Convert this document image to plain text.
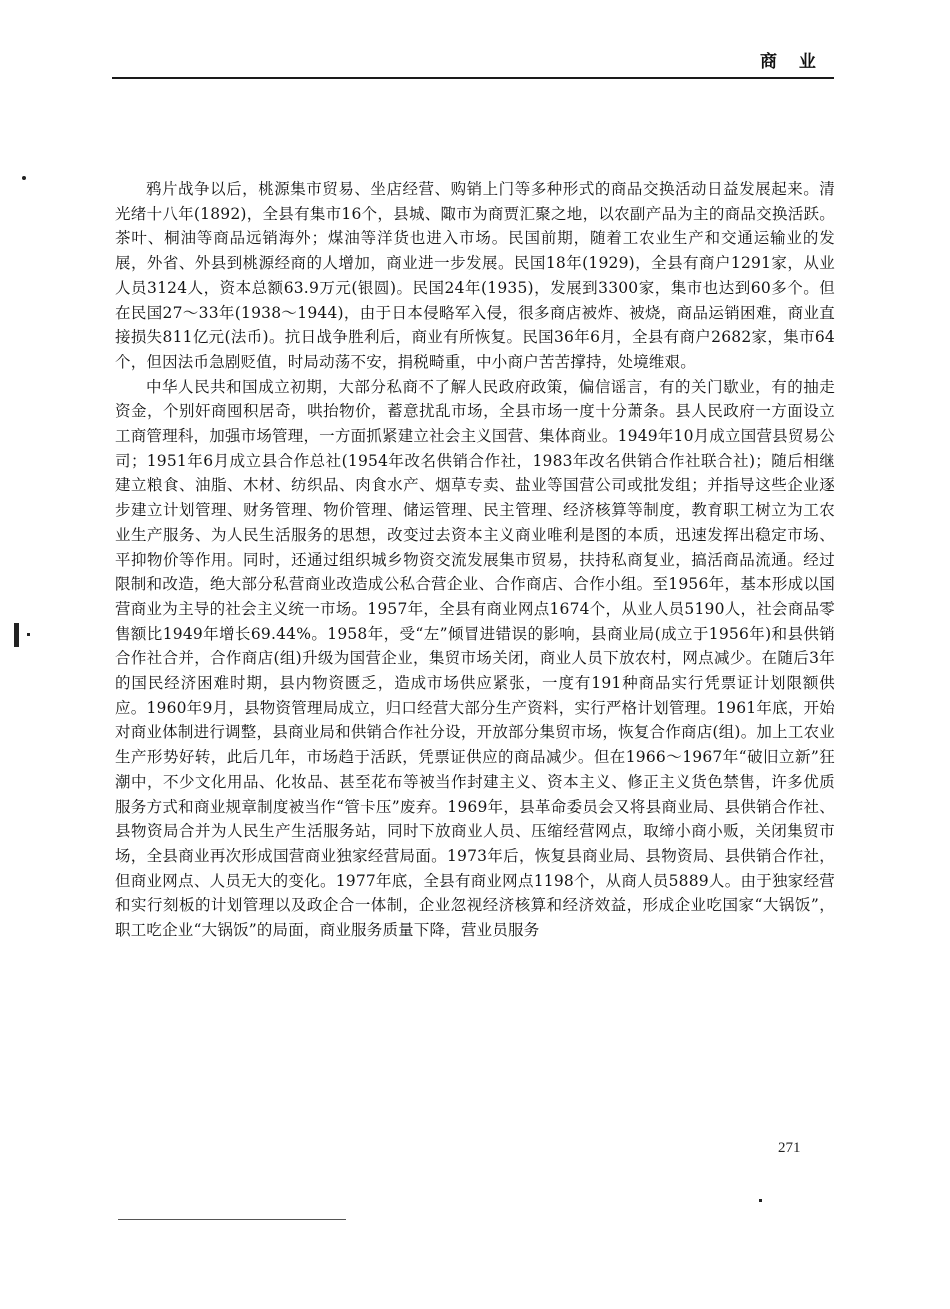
商 业

鸦片战争以后，桃源集市贸易、坐店经营、购销上门等多种形式的商品交换活动日益发展起来。清光绪十八年(1892)，全县有集市16个，县城、陬市为商贾汇聚之地，以农副产品为主的商品交换活跃。茶叶、桐油等商品远销海外；煤油等洋货也进入市场。民国前期，随着工农业生产和交通运输业的发展，外省、外县到桃源经商的人增加，商业进一步发展。民国18年(1929)，全县有商户1291家，从业人员3124人，资本总额63.9万元(银圆)。民国24年(1935)，发展到3300家，集市也达到60多个。但在民国27～33年(1938～1944)，由于日本侵略军入侵，很多商店被炸、被烧，商品运销困难，商业直接损失811亿元(法币)。抗日战争胜利后，商业有所恢复。民国36年6月，全县有商户2682家，集市64个，但因法币急剧贬值，时局动荡不安，捐税畸重，中小商户苦苦撑持，处境维艰。

中华人民共和国成立初期，大部分私商不了解人民政府政策，偏信谣言，有的关门歇业，有的抽走资金，个别奸商囤积居奇，哄抬物价，蓄意扰乱市场，全县市场一度十分萧条。县人民政府一方面设立工商管理科，加强市场管理，一方面抓紧建立社会主义国营、集体商业。1949年10月成立国营县贸易公司；1951年6月成立县合作总社(1954年改名供销合作社，1983年改名供销合作社联合社)；随后相继建立粮食、油脂、木材、纺织品、肉食水产、烟草专卖、盐业等国营公司或批发组；并指导这些企业逐步建立计划管理、财务管理、物价管理、储运管理、民主管理、经济核算等制度，教育职工树立为工农业生产服务、为人民生活服务的思想，改变过去资本主义商业唯利是图的本质，迅速发挥出稳定市场、平抑物价等作用。同时，还通过组织城乡物资交流发展集市贸易，扶持私商复业，搞活商品流通。经过限制和改造，绝大部分私营商业改造成公私合营企业、合作商店、合作小组。至1956年，基本形成以国营商业为主导的社会主义统一市场。1957年，全县有商业网点1674个，从业人员5190人，社会商品零售额比1949年增长69.44%。1958年，受“左”倾冒进错误的影响，县商业局(成立于1956年)和县供销合作社合并，合作商店(组)升级为国营企业，集贸市场关闭，商业人员下放农村，网点减少。在随后3年的国民经济困难时期，县内物资匮乏，造成市场供应紧张，一度有191种商品实行凭票证计划限额供应。1960年9月，县物资管理局成立，归口经营大部分生产资料，实行严格计划管理。1961年底，开始对商业体制进行调整，县商业局和供销合作社分设，开放部分集贸市场，恢复合作商店(组)。加上工农业生产形势好转，此后几年，市场趋于活跃，凭票证供应的商品减少。但在1966～1967年“破旧立新”狂潮中，不少文化用品、化妆品、甚至花布等被当作封建主义、资本主义、修正主义货色禁售，许多优质服务方式和商业规章制度被当作“管卡压”废弃。1969年，县革命委员会又将县商业局、县供销合作社、县物资局合并为人民生产生活服务站，同时下放商业人员、压缩经营网点，取缔小商小贩，关闭集贸市场，全县商业再次形成国营商业独家经营局面。1973年后，恢复县商业局、县物资局、县供销合作社，但商业网点、人员无大的变化。1977年底，全县有商业网点1198个，从商人员5889人。由于独家经营和实行刻板的计划管理以及政企合一体制，企业忽视经济核算和经济效益，形成企业吃国家“大锅饭”，职工吃企业“大锅饭”的局面，商业服务质量下降，营业员服务

271
